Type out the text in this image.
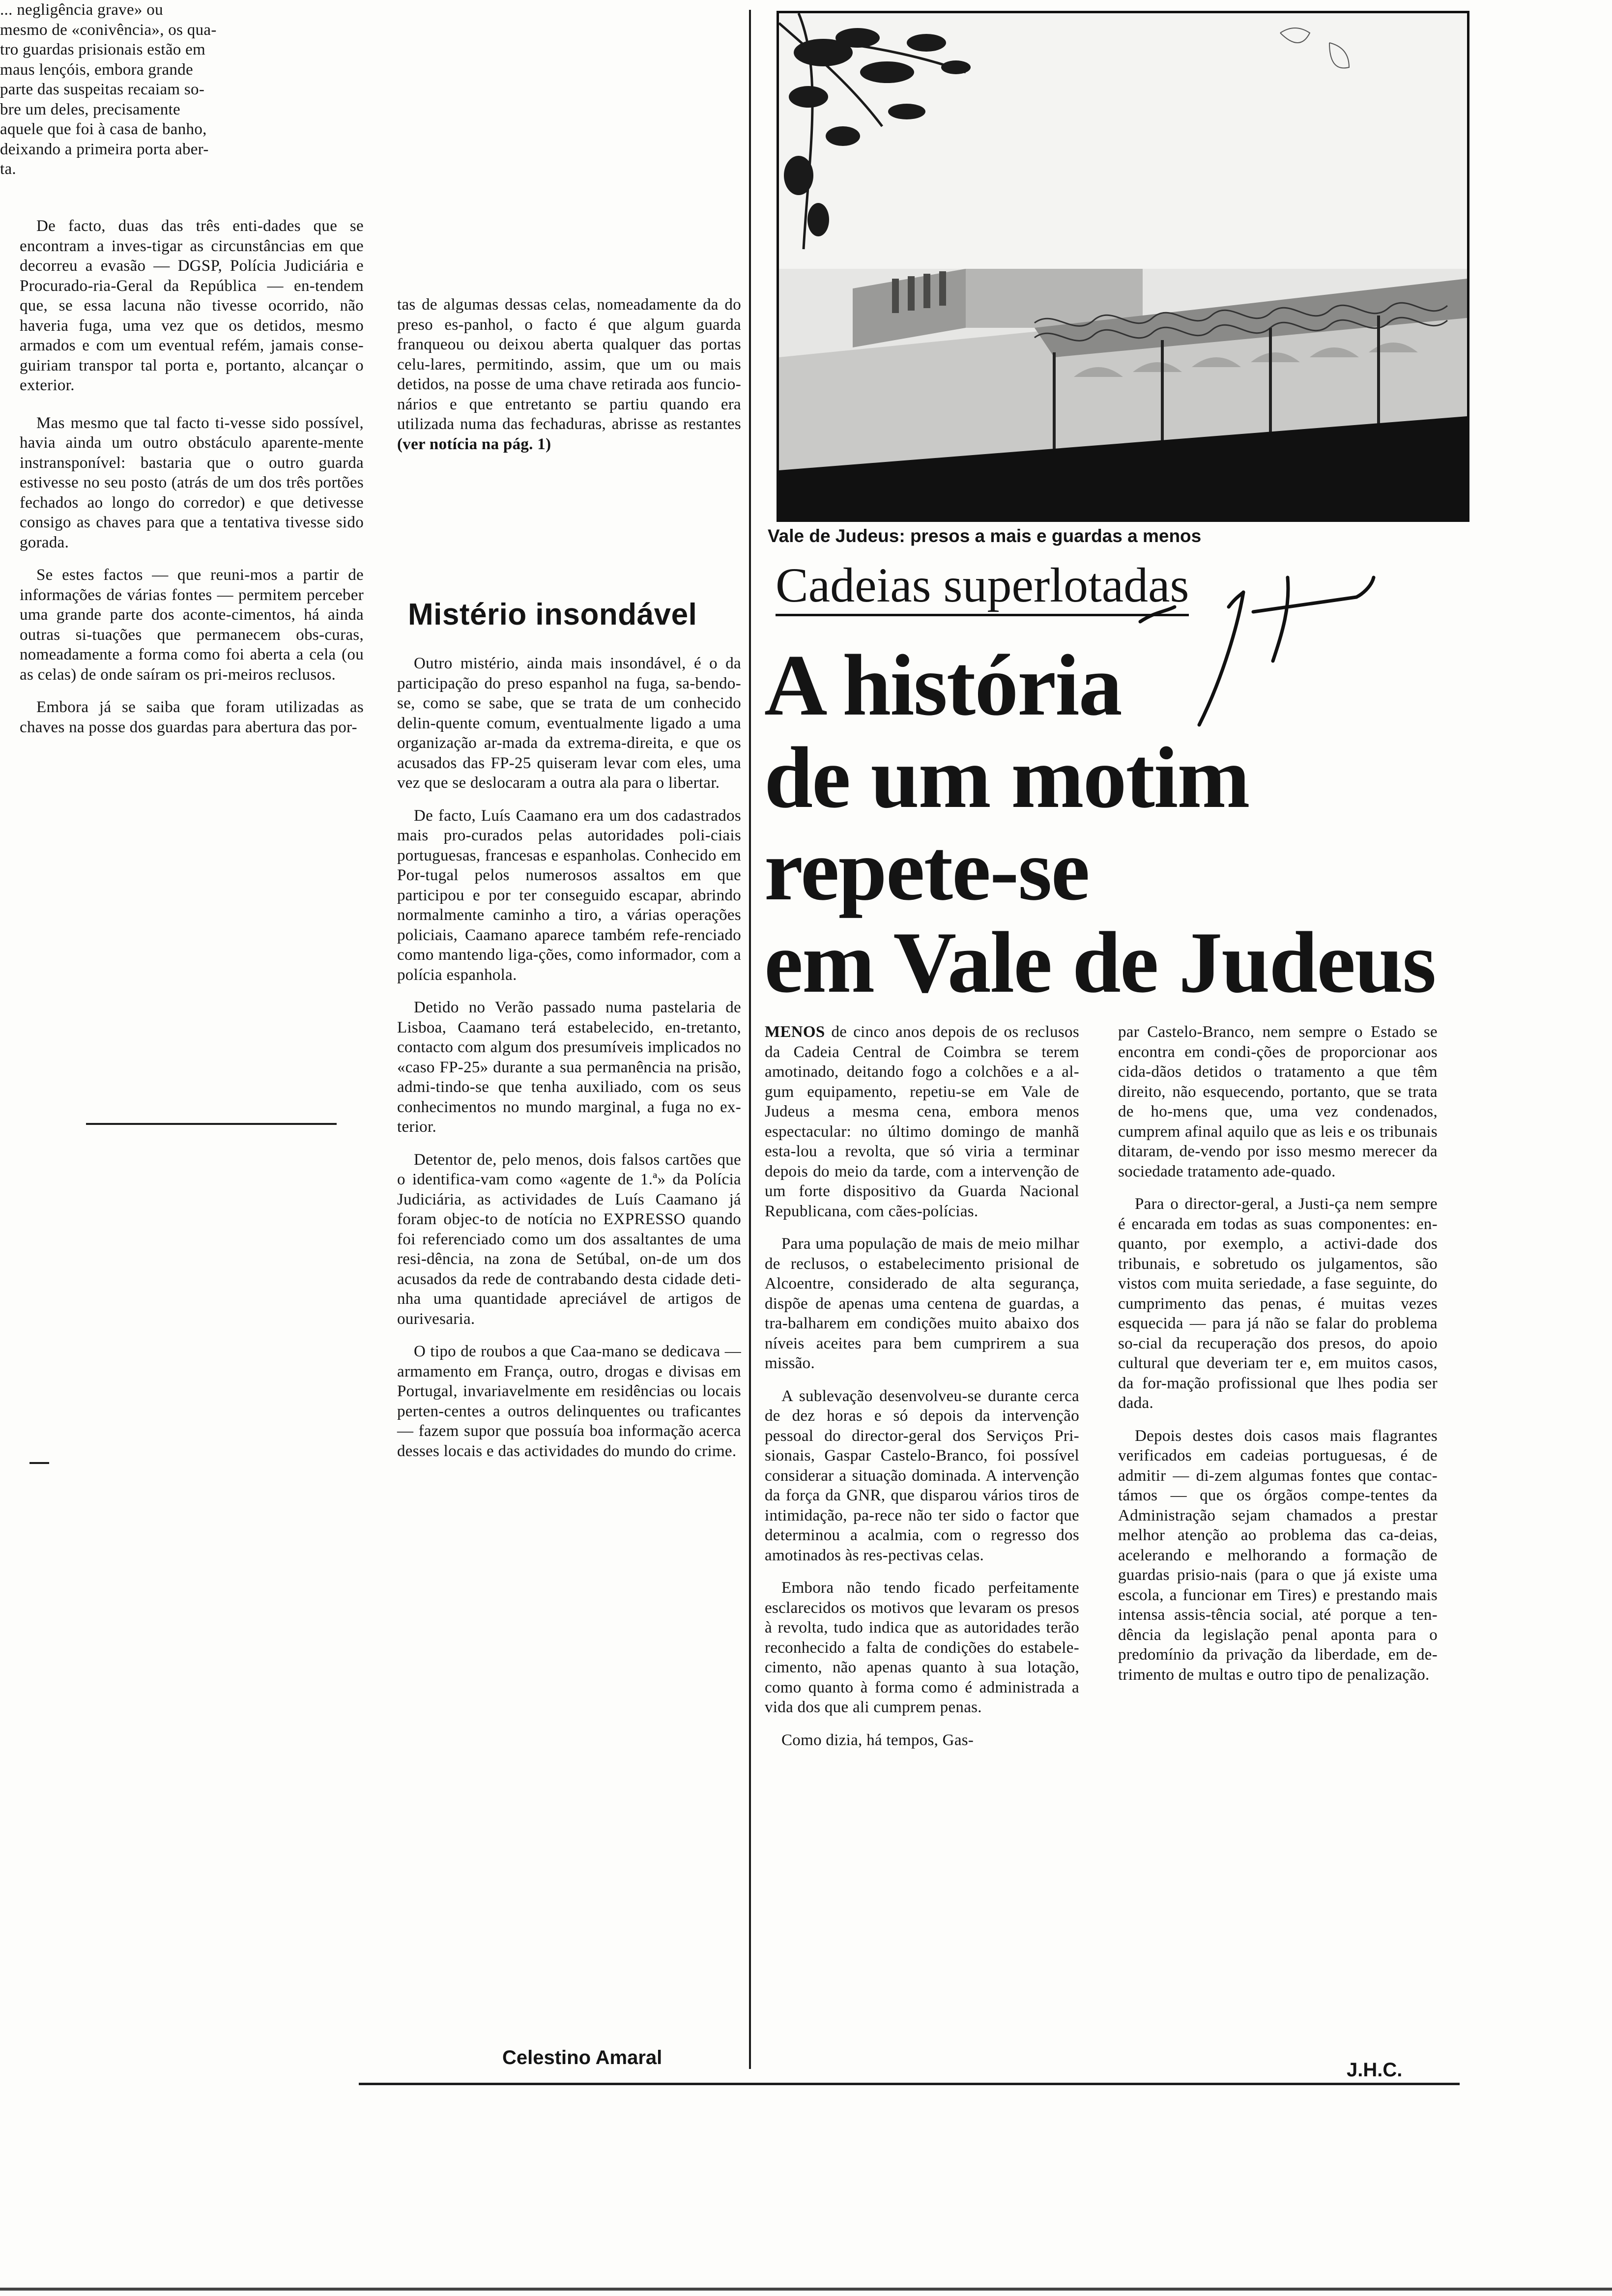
... negligência grave» ou
mesmo de «conivência», os qua-
tro guardas prisionais estão em
maus lençóis, embora grande
parte das suspeitas recaiam so-
bre um deles, precisamente
aquele que foi à casa de banho,
deixando a primeira porta aber-
ta.

De facto, duas das três enti-dades que se encontram a inves-tigar as circunstâncias em que decorreu a evasão — DGSP, Polícia Judiciária e Procurado-ria-Geral da República — en-tendem que, se essa lacuna não tivesse ocorrido, não haveria fuga, uma vez que os detidos, mesmo armados e com um eventual refém, jamais conse-guiriam transpor tal porta e, portanto, alcançar o exterior.

Mas mesmo que tal facto ti-vesse sido possível, havia ainda um outro obstáculo aparente-mente instransponível: bastaria que o outro guarda estivesse no seu posto (atrás de um dos três portões fechados ao longo do corredor) e que detivesse consigo as chaves para que a tentativa tivesse sido gorada.

Se estes factos — que reuni-mos a partir de informações de várias fontes — permitem perceber uma grande parte dos aconte-cimentos, há ainda outras si-tuações que permanecem obs-curas, nomeadamente a forma como foi aberta a cela (ou as celas) de onde saíram os pri-meiros reclusos.

Embora já se saiba que foram utilizadas as chaves na posse dos guardas para abertura das por-

tas de algumas dessas celas, nomeadamente da do preso es-panhol, o facto é que algum guarda franqueou ou deixou aberta qualquer das portas celu-lares, permitindo, assim, que um ou mais detidos, na posse de uma chave retirada aos funcio-nários e que entretanto se partiu quando era utilizada numa das fechaduras, abrisse as restantes (ver notícia na pág. 1)

Mistério insondável

Outro mistério, ainda mais insondável, é o da participação do preso espanhol na fuga, sa-bendo-se, como se sabe, que se trata de um conhecido delin-quente comum, eventualmente ligado a uma organização ar-mada da extrema-direita, e que os acusados das FP-25 quiseram levar com eles, uma vez que se deslocaram a outra ala para o libertar.

De facto, Luís Caamano era um dos cadastrados mais pro-curados pelas autoridades poli-ciais portuguesas, francesas e espanholas. Conhecido em Por-tugal pelos numerosos assaltos em que participou e por ter conseguido escapar, abrindo normalmente caminho a tiro, a várias operações policiais, Caamano aparece também refe-renciado como mantendo liga-ções, como informador, com a polícia espanhola.

Detido no Verão passado numa pastelaria de Lisboa, Caamano terá estabelecido, en-tretanto, contacto com algum dos presumíveis implicados no «caso FP-25» durante a sua permanência na prisão, admi-tindo-se que tenha auxiliado, com os seus conhecimentos no mundo marginal, a fuga no ex-terior.

Detentor de, pelo menos, dois falsos cartões que o identifica-vam como «agente de 1.ª» da Polícia Judiciária, as actividades de Luís Caamano já foram objec-to de notícia no EXPRESSO quando foi referenciado como um dos assaltantes de uma resi-dência, na zona de Setúbal, on-de um dos acusados da rede de contrabando desta cidade deti-nha uma quantidade apreciável de artigos de ourivesaria.

O tipo de roubos a que Caa-mano se dedicava — armamento em França, outro, drogas e divisas em Portugal, invariavelmente em residências ou locais perten-centes a outros delinquentes ou traficantes — fazem supor que possuía boa informação acerca desses locais e das actividades do mundo do crime.

Celestino Amaral
Vale de Judeus: presos a mais e guardas a menos
Cadeias superlotadas
1/+
A história
de um motim
repete-se
em Vale de Judeus

MENOS de cinco anos depois de os reclusos da Cadeia Central de Coimbra se terem amotinado, deitando fogo a colchões e a al-gum equipamento, repetiu-se em Vale de Judeus a mesma cena, embora menos espectacular: no último domingo de manhã esta-lou a revolta, que só viria a terminar depois do meio da tarde, com a intervenção de um forte dispositivo da Guarda Nacional Republicana, com cães-polícias.

Para uma população de mais de meio milhar de reclusos, o estabelecimento prisional de Alcoentre, considerado de alta segurança, dispõe de apenas uma centena de guardas, a tra-balharem em condições muito abaixo dos níveis aceites para bem cumprirem a sua missão.

A sublevação desenvolveu-se durante cerca de dez horas e só depois da intervenção pessoal do director-geral dos Serviços Pri-sionais, Gaspar Castelo-Branco, foi possível considerar a situação dominada. A intervenção da força da GNR, que disparou vários tiros de intimidação, pa-rece não ter sido o factor que determinou a acalmia, com o regresso dos amotinados às res-pectivas celas.

Embora não tendo ficado perfeitamente esclarecidos os motivos que levaram os presos à revolta, tudo indica que as autoridades terão reconhecido a falta de condições do estabele-cimento, não apenas quanto à sua lotação, como quanto à forma como é administrada a vida dos que ali cumprem penas.

Como dizia, há tempos, Gas-

par Castelo-Branco, nem sempre o Estado se encontra em condi-ções de proporcionar aos cida-dãos detidos o tratamento a que têm direito, não esquecendo, portanto, que se trata de ho-mens que, uma vez condenados, cumprem afinal aquilo que as leis e os tribunais ditaram, de-vendo por isso mesmo merecer da sociedade tratamento ade-quado.

Para o director-geral, a Justi-ça nem sempre é encarada em todas as suas componentes: en-quanto, por exemplo, a activi-dade dos tribunais, e sobretudo os julgamentos, são vistos com muita seriedade, a fase seguinte, do cumprimento das penas, é muitas vezes esquecida — para já não se falar do problema so-cial da recuperação dos presos, do apoio cultural que deveriam ter e, em muitos casos, da for-mação profissional que lhes podia ser dada.

Depois destes dois casos mais flagrantes verificados em cadeias portuguesas, é de admitir — di-zem algumas fontes que contac-támos — que os órgãos compe-tentes da Administração sejam chamados a prestar melhor atenção ao problema das ca-deias, acelerando e melhorando a formação de guardas prisio-nais (para o que já existe uma escola, a funcionar em Tires) e prestando mais intensa assis-tência social, até porque a ten-dência da legislação penal aponta para o predomínio da privação da liberdade, em de-trimento de multas e outro tipo de penalização.

J.H.C.
